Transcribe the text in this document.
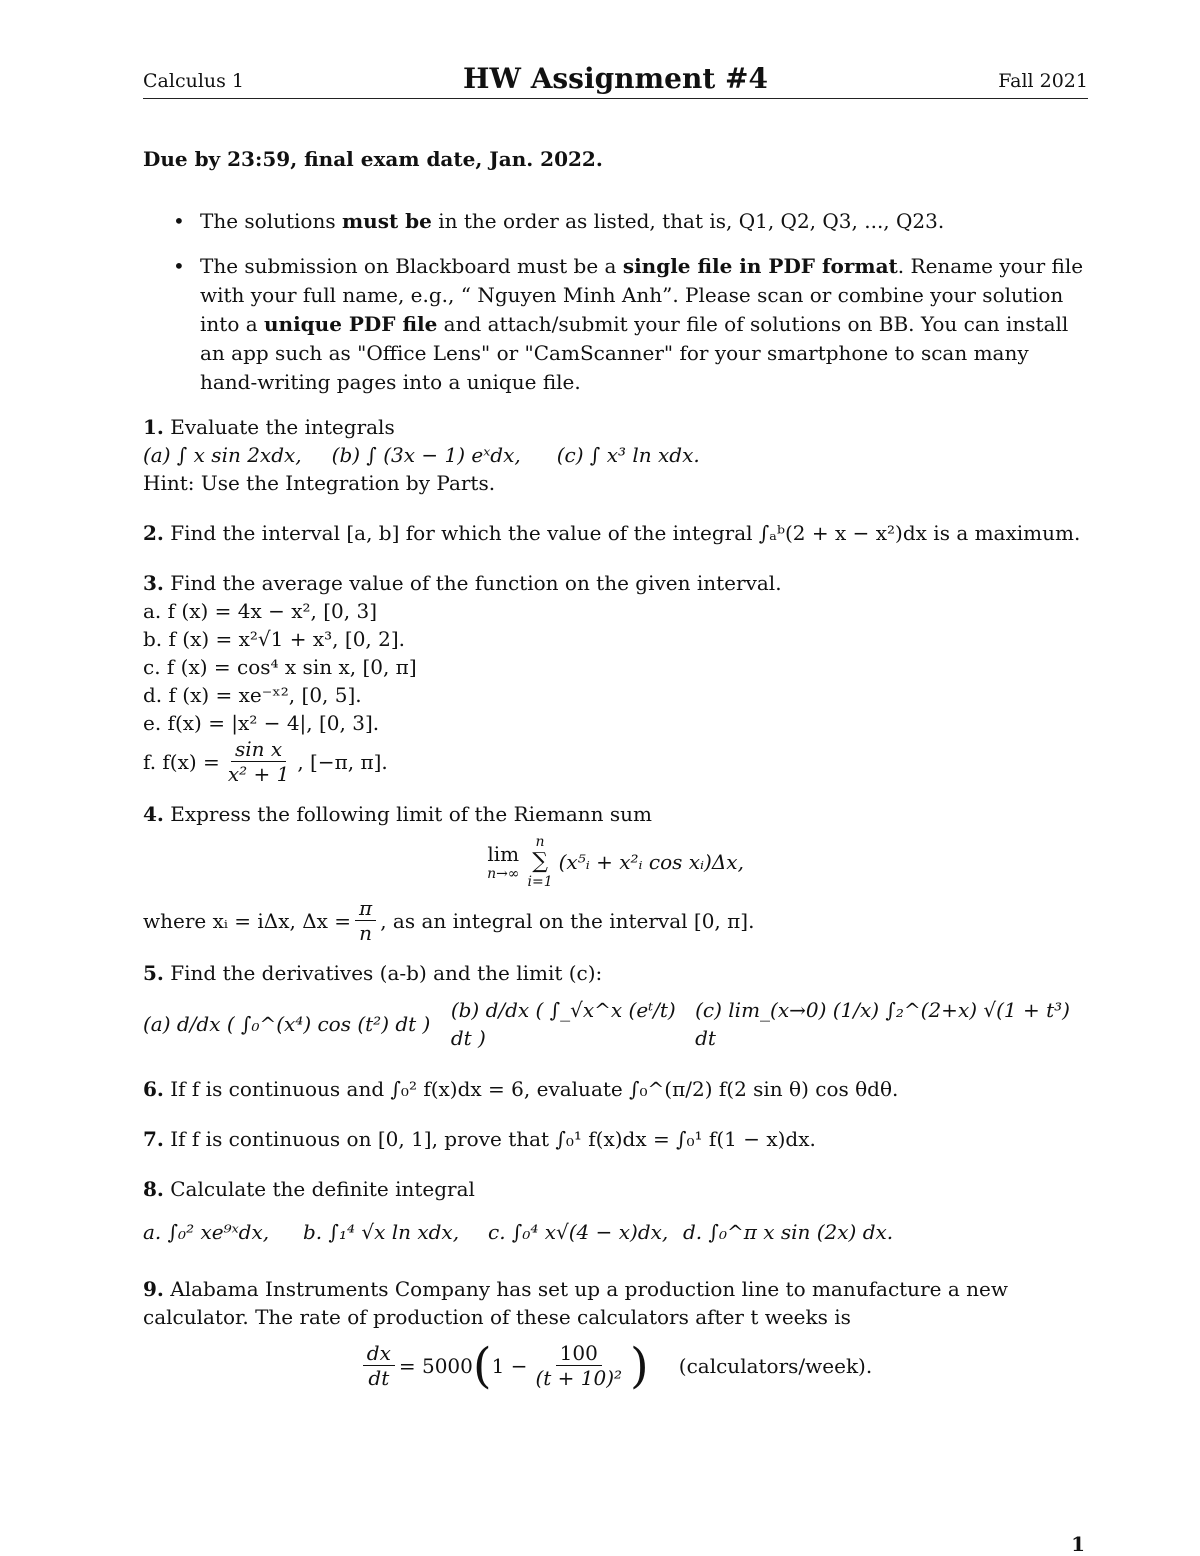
Calculus 1	HW Assignment #4	Fall 2021
Due by 23:59, final exam date, Jan. 2022.
• The solutions must be in the order as listed, that is, Q1, Q2, Q3, ..., Q23.
• The submission on Blackboard must be a single file in PDF format. Rename your file with your full name, e.g., “ Nguyen Minh Anh”. Please scan or combine your solution into a unique PDF file and attach/submit your file of solutions on BB. You can install an app such as "Office Lens" or "CamScanner" for your smartphone to scan many hand-writing pages into a unique file.
1. Evaluate the integrals
(a) ∫ x sin 2xdx, (b) ∫ (3x − 1) eˣdx, (c) ∫ x³ ln xdx.
Hint: Use the Integration by Parts.
2. Find the interval [a, b] for which the value of the integral ∫ₐᵇ(2 + x − x²)dx is a maximum.
3. Find the average value of the function on the given interval.
a. f (x) = 4x − x², [0, 3]
b. f (x) = x²√1 + x³, [0, 2].
c. f (x) = cos⁴ x sin x, [0, π]
d. f (x) = xe⁻ˣ², [0, 5].
e. f(x) = |x² − 4|, [0, 3].
f. $f(x) = \frac{\text{sin x}}{\text{x² + 1}}$ , [−π, π].
4. Express the following limit of the Riemann sum
lim
n→∞
n
∑
i=1
(x⁵ᵢ + x²ᵢ cos xᵢ)Δx,
where xᵢ = iΔx, $\Delta x = \frac{\pi}{n}$ , as an integral on the interval [0, π].
5. Find the derivatives (a-b) and the limit (c):
(a) d/dx ( ∫₀^(x⁴) cos (t²) dt )
(b) d/dx ( ∫_√x^x (eᵗ/t) dt )
(c) lim_(x→0) (1/x) ∫₂^(2+x) √(1 + t³) dt
6. If f is continuous and ∫₀² f(x)dx = 6, evaluate ∫₀^(π/2) f(2 sin θ) cos θdθ.
7. If f is continuous on [0, 1], prove that ∫₀¹ f(x)dx = ∫₀¹ f(1 − x)dx.
8. Calculate the definite integral
a. ∫₀² xe⁹ˣdx,	b. ∫₁⁴ √x ln xdx,	c. ∫₀⁴ x√(4 − x)dx, d. ∫₀^π x sin (2x) dx.
9. Alabama Instruments Company has set up a production line to manufacture a new calculator. The rate of production of these calculators after t weeks is
$\frac{dx}{dt} = 5000$ ( $1 - \frac{100}{\text{(t + 10)²}}$ ) (calculators/week).
1
